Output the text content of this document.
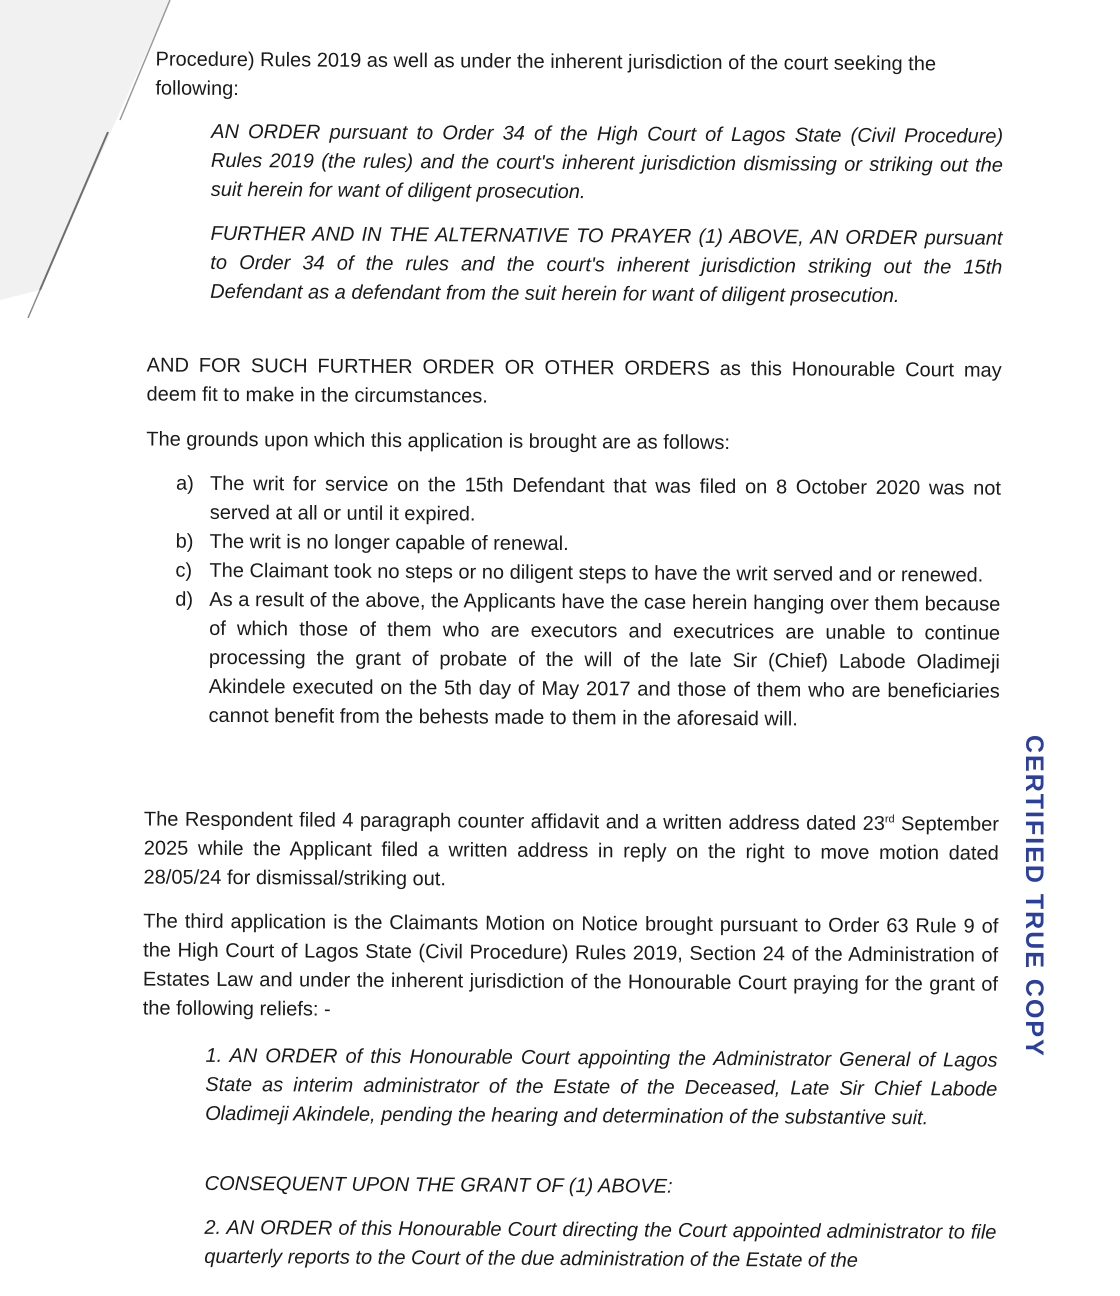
Procedure) Rules 2019 as well as under the inherent jurisdiction of the court seeking the following:

AN ORDER pursuant to Order 34 of the High Court of Lagos State (Civil Procedure) Rules 2019 (the rules) and the court's inherent jurisdiction dismissing or striking out the suit herein for want of diligent prosecution.

FURTHER AND IN THE ALTERNATIVE TO PRAYER (1) ABOVE, AN ORDER pursuant to Order 34 of the rules and the court's inherent jurisdiction striking out the 15th Defendant as a defendant from the suit herein for want of diligent prosecution.

AND FOR SUCH FURTHER ORDER OR OTHER ORDERS as this Honourable Court may deem fit to make in the circumstances.

The grounds upon which this application is brought are as follows:

a) The writ for service on the 15th Defendant that was filed on 8 October 2020 was not served at all or until it expired.
b) The writ is no longer capable of renewal.
c) The Claimant took no steps or no diligent steps to have the writ served and or renewed.
d) As a result of the above, the Applicants have the case herein hanging over them because of which those of them who are executors and executrices are unable to continue processing the grant of probate of the will of the late Sir (Chief) Labode Oladimeji Akindele executed on the 5th day of May 2017 and those of them who are beneficiaries cannot benefit from the behests made to them in the aforesaid will.

The Respondent filed 4 paragraph counter affidavit and a written address dated 23rd September 2025 while the Applicant filed a written address in reply on the right to move motion dated 28/05/24 for dismissal/striking out.

The third application is the Claimants Motion on Notice brought pursuant to Order 63 Rule 9 of the High Court of Lagos State (Civil Procedure) Rules 2019, Section 24 of the Administration of Estates Law and under the inherent jurisdiction of the Honourable Court praying for the grant of the following reliefs: -

1. AN ORDER of this Honourable Court appointing the Administrator General of Lagos State as interim administrator of the Estate of the Deceased, Late Sir Chief Labode Oladimeji Akindele, pending the hearing and determination of the substantive suit.

CONSEQUENT UPON THE GRANT OF (1) ABOVE:

2. AN ORDER of this Honourable Court directing the Court appointed administrator to file quarterly reports to the Court of the due administration of the Estate of the

CERTIFIED TRUE COPY
